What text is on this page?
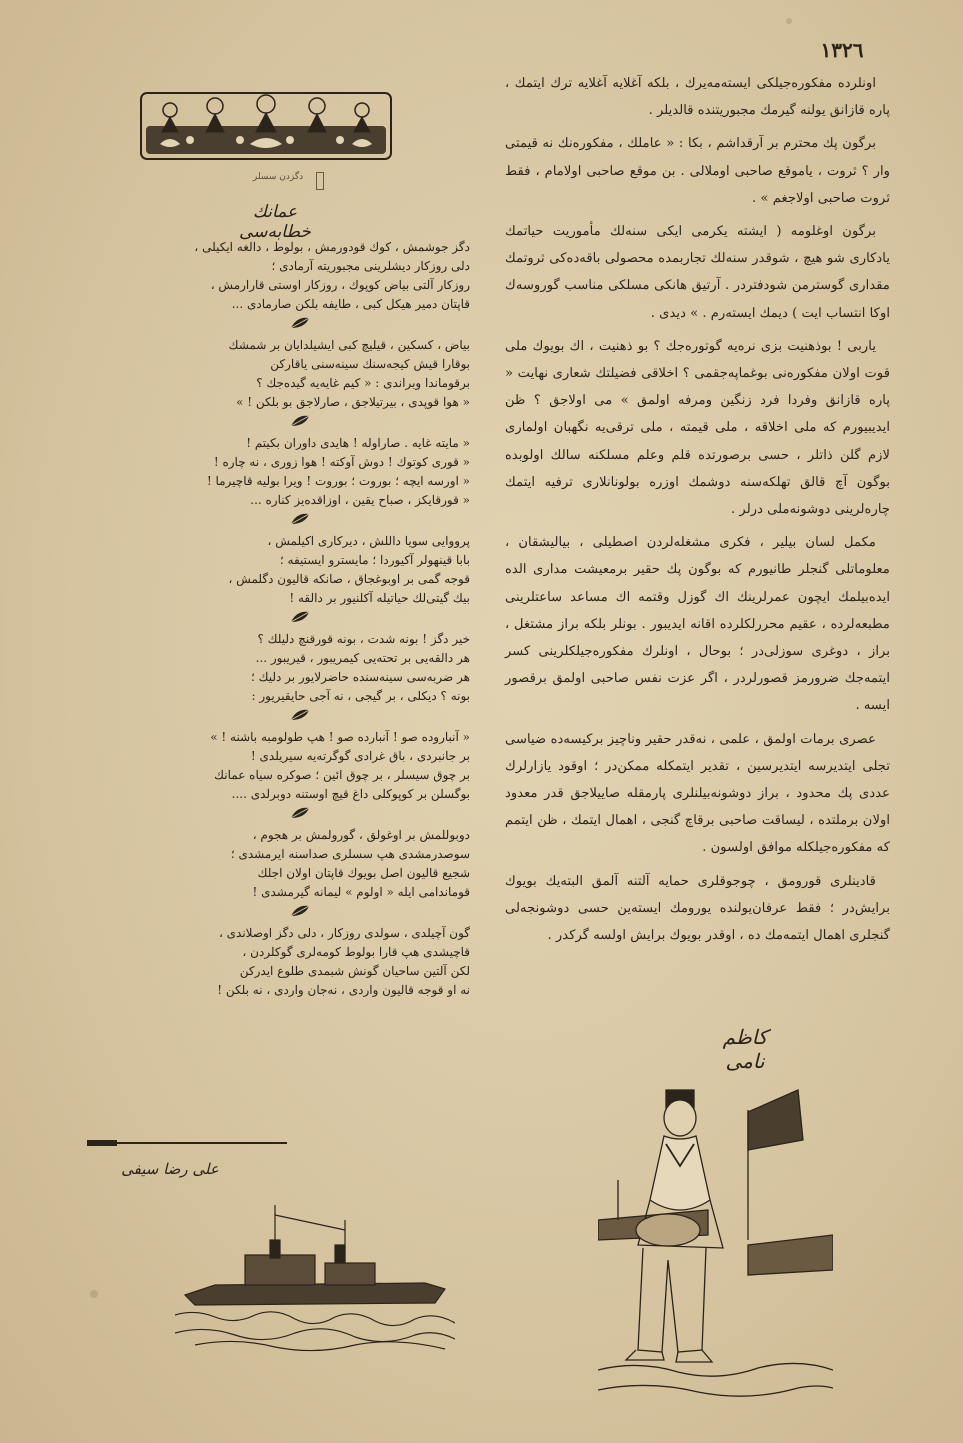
۱۳۲٦

اونلرده مفکوره‌جیلکی ایسته‌مه‌یرك ، بلکه آغلایه آغلایه ترك ایتمك ، پاره قازانق یولنه گیرمك مجبوریتنده قالدیلر .

برگون پك محترم بر آرقداشم ، بكا : « عاملك ، مفکوره‌نك نه قیمتی وار ؟ ثروت ، یاموقع صاحبی اوملالی . بن موقع صاحبی اولامام ، فقط ثروت صاحبی اولاجغم » .

برگون اوغلومه ( ایشته یکرمی ایکی سنه‌لك مأموریت حیاتمك یادکاری شو هیچ ، شوقدر سنه‌لك تجاربمده محصولی باقه‌ده‌کی ثروتمك مقداری گوسترمن شودفتردر . آرتیق هانکی مسلکی مناسب گوروسه‌ك اوکا انتساب ایت ) دیمك ایسته‌رم . » دیدی .

یاربی ! بوذهنیت بزی نره‌یه گوتوره‌جك ؟ بو ذهنیت ، اك بویوك ملی قوت اولان مفکوره‌نی بوغماپه‌جقمی ؟ اخلاقی فضیلتك شعاری نهایت « پاره قازانق وفردا فرد زنگین ومرفه اولمق » می اولاجق ؟ ظن ایدیبیورم که ملی اخلاقه ، ملی قیمته ، ملی ترقی‌یه نگهبان اولماری لازم گلن ذاتلر ، حسی برصورتده قلم وعلم مسلکنه سالك اولوبده بوگون آچ قالق تهلکه‌سنه دوشمك اوزره بولونانلاری ترفیه ایتمك چاره‌لرینی دوشونه‌ملی درلر .

مکمل لسان بیلیر ، فکری مشغله‌لردن اصطیلی ، بیالیشقان ، معلوماتلی گنجلر طانیورم که بوگون پك حقیر برمعیشت مداری الده ایده‌بیلمك ایچون عمرلرینك اك گوزل وقتمه اك مساعد ساعتلرینی مطبعه‌لرده ، عقیم محررلکلرده اقانه ایدیبور . بونلر بلکه براز مشتغل ، براز ، دوغری سوزلی‌در ؛ بوحال ، اونلرك مفکوره‌جیلکلرینی کسر ایتمه‌جك ضرورمز قصورلردر ، اگر عزت نفس صاحبی اولمق برقصور ایسه .

عصری برمات اولمق ، علمی ، نه‌قدر حقیر وناچیز برکیسه‌ده ضیاسی تجلی ایتدیرسه ایتدیرسین ، تقدیر ایتمکله ممکن‌در ؛ اوقود یازارلرك عددی پك محدود ، براز دوشونه‌بیلنلری پارمقله صاییلاجق قدر معدود اولان برملتده ، لیساقت صاحبی برقاچ گنجی ، اهمال ایتمك ، ظن ایتمم که مفکوره‌جیلکله موافق اولسون .

قادینلری قورومق ، چوجوقلری حمایه آلتنه آلمق البته‌یك بویوك برایش‌در ؛ فقط عرفان‌یولنده یورومك ایسته‌ین حسی دوشونجه‌لی گنجلری اهمال ایتمه‌مك ده ، اوقدر بویوك برایش اولسه گرکدر .

کاظم نامی
دگزدن سسلر
عمانك خطابه‌سی
دگز جوشمش ، کوك قودورمش ، بولوط ، دالغه ایکیلی ،
دلی روزکار دیشلرینی مجبوریته آرمادی ؛
روزکار آلتی بیاض کوپوك ، روزکار اوستی قارارمش ،
قاپتان دمیر هیکل کبی ، طایفه بلکن صارمادی ...
بیاض ، کسکین ، قیلیچ کبی ایشیلدایان بر شمشك
بوقارا قیش کیجه‌سنك سینه‌سنی یاقارکن
برقوماندا وبراندی : « کیم غایه‌یه گیده‌جك ؟
« هوا قوپدی ، بیرتیلاجق ، صارلاجق بو بلکن ! »
« مایته غایه . صاراوله ! هایدی داوران بکیتم !
« قوری کوتوك ! دوش آوکته ! هوا زوری ، نه چاره !
« اورسه ایچه ؛ بوروت ؛ بوروت ! ویرا بولیه قاچیرما !
« قورقایکز ، صباح یقین ، اوزاقده‌یز کناره ...
پرووایی سویا داللش ، دیرکاری اکیلمش ،
بابا قینهولر آکیوردا ؛ مایسترو ایستیفه ؛
قوجه گمی بر اوبوغجاق ، صانکه قالیون دگلمش ،
بیك گیتی‌لك حیاتیله آکلنیور بر دالقه !
خیر دگز ! بونه شدت ، بونه قورقنچ دلیلك ؟
هر دالقه‌یی بر تحته‌یی کیمریبور ، قیریبور ...
هر ضربه‌سی سینه‌سنده حاضرلایور بر دلیك ؛
بونه ؟ دیکلی ، بر گیجی ، نه آجی حایقیریور :
« آنباروده صو ! آنبارده صو ! هپ طولومبه باشنه ! »
بر جانبردی ، باق غرادی گوگرته‌یه سیریلدی !
بر چوق سیسلر ، بر چوق ائین ؛ صوکره سیاه عمانك
بوگسلن بر کوپوکلی داغ قیچ اوستنه دوبرلدی ....
دوبوللمش بر اوغولق ، گورولمش بر هجوم ،
سوصدرمشدی هپ سسلری صداسنه ایرمشدی ؛
شجیع قالیون اصل بویوك قاپتان اولان اجلك
قوماندامی ایله « اولوم » لیمانه گیرمشدی !
گون آچیلدی ، سولدی روزکار ، دلی دگز اوصلاندی ،
قاچیشدی هپ قارا بولوط کومه‌لری گوکلردن ،
لکن آلتین ساحیان گونش شبمدی طلوع ایدرکن
نه او قوجه قالیون واردی ، نه‌جان واردی ، نه بلکن !
علی رضا سیفی
